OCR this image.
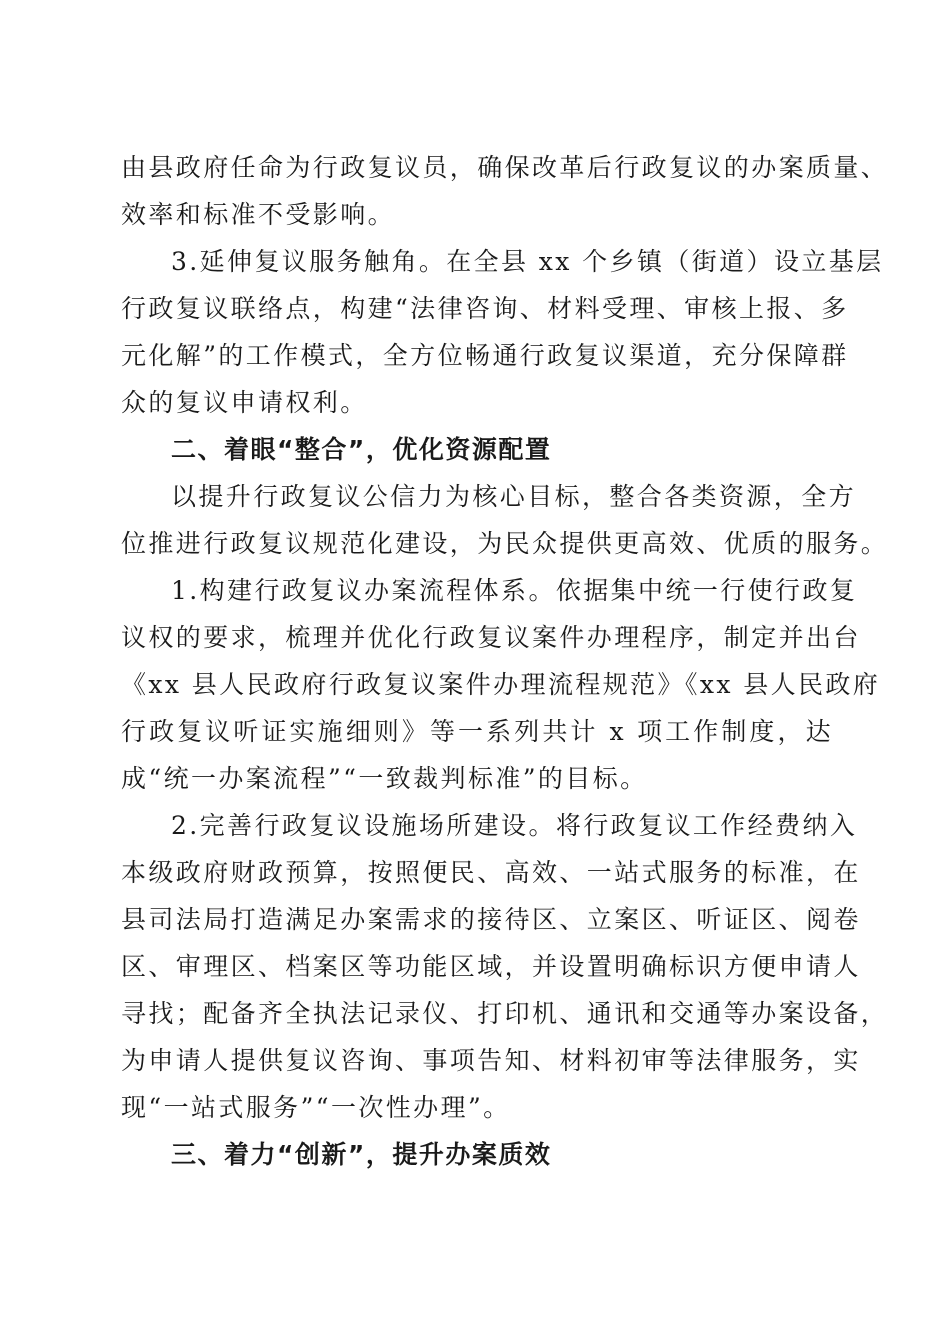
由县政府任命为行政复议员，确保改革后行政复议的办案质量、
效率和标准不受影响。
3.延伸复议服务触角。在全县 xx 个乡镇（街道）设立基层
行政复议联络点，构建“法律咨询、材料受理、审核上报、多
元化解”的工作模式，全方位畅通行政复议渠道，充分保障群
众的复议申请权利。
二、着眼“整合”，优化资源配置
以提升行政复议公信力为核心目标，整合各类资源，全方
位推进行政复议规范化建设，为民众提供更高效、优质的服务。
1.构建行政复议办案流程体系。依据集中统一行使行政复
议权的要求，梳理并优化行政复议案件办理程序，制定并出台
《xx 县人民政府行政复议案件办理流程规范》《xx 县人民政府
行政复议听证实施细则》等一系列共计 x 项工作制度，达
成“统一办案流程”“一致裁判标准”的目标。
2.完善行政复议设施场所建设。将行政复议工作经费纳入
本级政府财政预算，按照便民、高效、一站式服务的标准，在
县司法局打造满足办案需求的接待区、立案区、听证区、阅卷
区、审理区、档案区等功能区域，并设置明确标识方便申请人
寻找；配备齐全执法记录仪、打印机、通讯和交通等办案设备，
为申请人提供复议咨询、事项告知、材料初审等法律服务，实
现“一站式服务”“一次性办理”。
三、着力“创新”，提升办案质效
